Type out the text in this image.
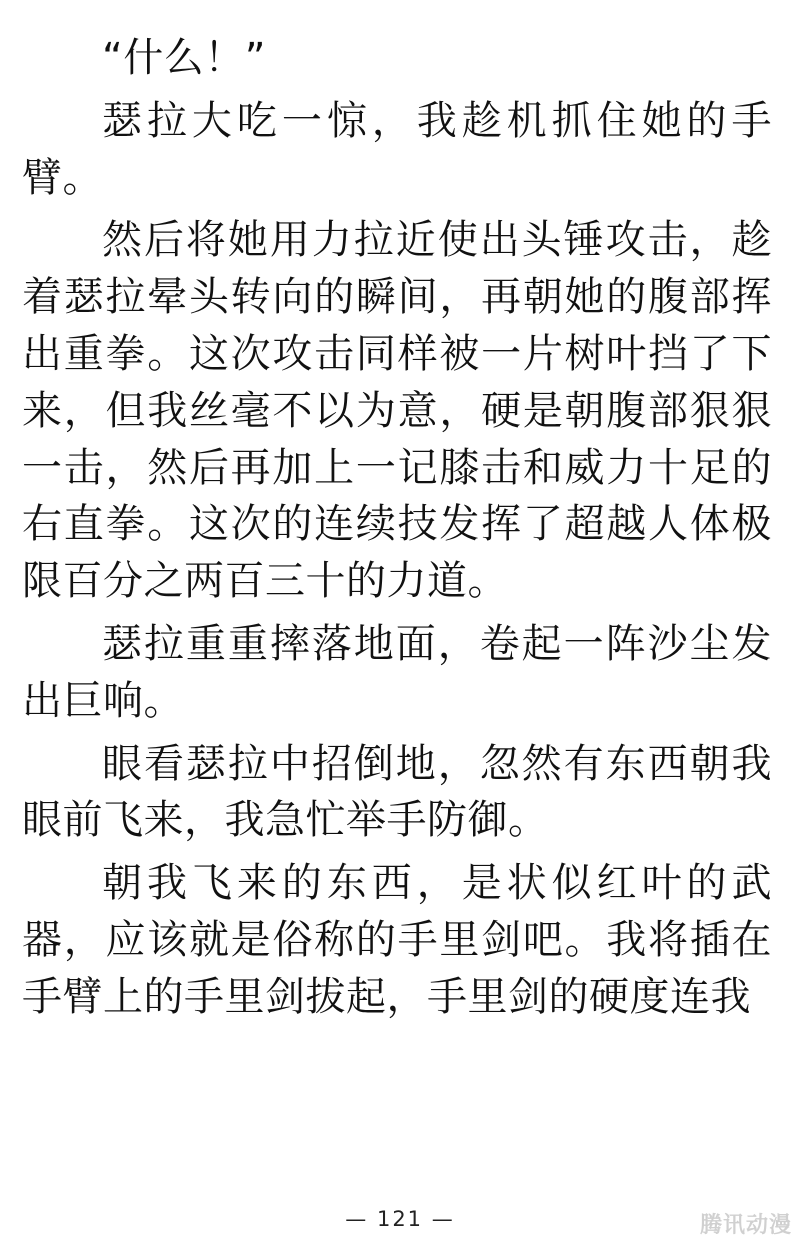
“什么！”

瑟拉大吃一惊，我趁机抓住她的手臂。

然后将她用力拉近使出头锤攻击，趁着瑟拉晕头转向的瞬间，再朝她的腹部挥出重拳。这次攻击同样被一片树叶挡了下来，但我丝毫不以为意，硬是朝腹部狠狠一击，然后再加上一记膝击和威力十足的右直拳。这次的连续技发挥了超越人体极限百分之两百三十的力道。

瑟拉重重摔落地面，卷起一阵沙尘发出巨响。

眼看瑟拉中招倒地，忽然有东西朝我眼前飞来，我急忙举手防御。

朝我飞来的东西，是状似红叶的武器，应该就是俗称的手里剑吧。我将插在手臂上的手里剑拔起，手里剑的硬度连我

— 121 —	腾讯动漫
